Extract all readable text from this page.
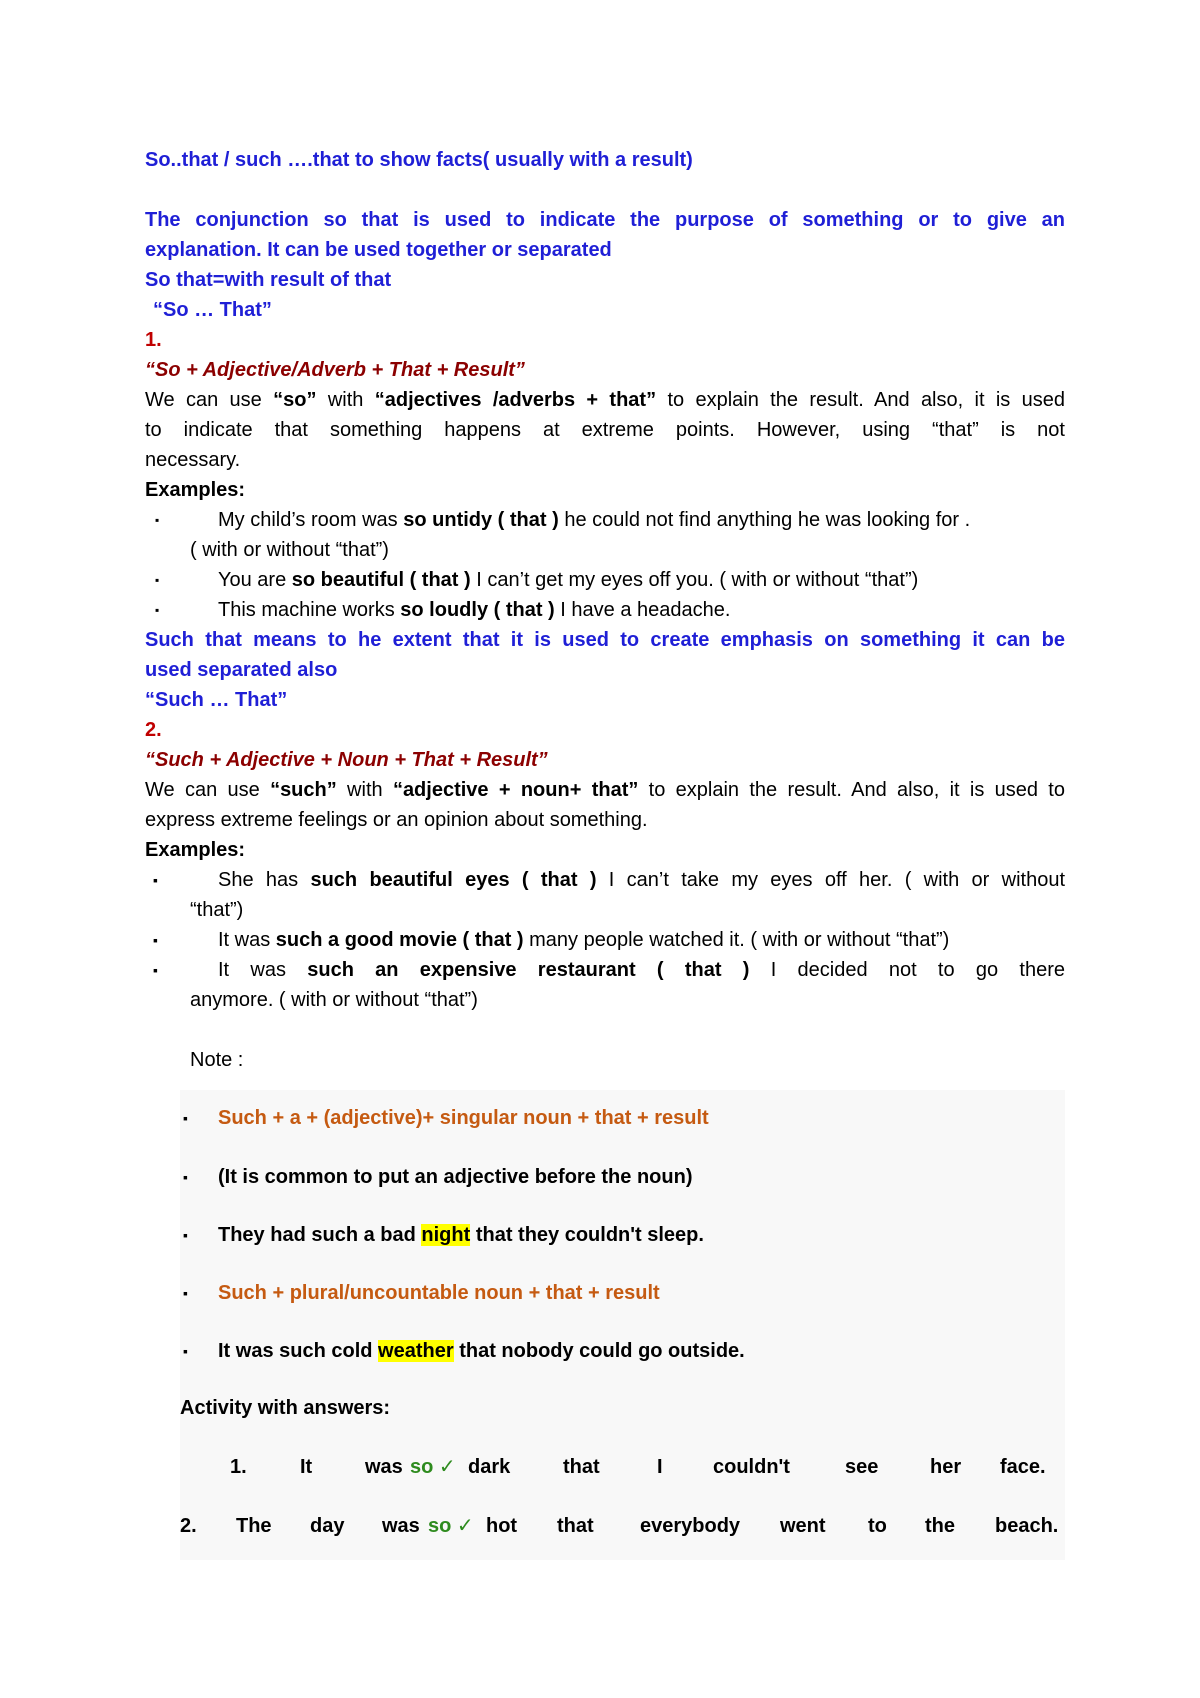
So..that / such ….that to show facts( usually with a result)
The conjunction so that is used to indicate the purpose of something or to give an
explanation. It can be used together or separated
So that=with result of that
“So … That”
1.
“So + Adjective/Adverb + That + Result”
We can use “so” with “adjectives /adverbs + that” to explain the result. And also, it is used
to indicate that something happens at extreme points. However, using “that” is not
necessary.
Examples:
▪	My child’s room was so untidy ( that ) he could not find anything he was looking for .
( with or without “that”)
▪	You are so beautiful ( that ) I can’t get my eyes off you. ( with or without “that”)
▪	This machine works so loudly ( that ) I have a headache.
Such that means to he extent that it is used to create emphasis on something it can be
used separated also
“Such … That”
2.
“Such + Adjective + Noun + That + Result”
We can use “such” with “adjective + noun+ that” to explain the result. And also, it is used to
express extreme feelings or an opinion about something.
Examples:
▪	She has such beautiful eyes ( that ) I can’t take my eyes off her. ( with or without
“that”)
▪	It was such a good movie ( that ) many people watched it. ( with or without “that”)
▪	It was such an expensive restaurant ( that ) I decided not to go there
anymore. ( with or without “that”)
Note :
▪ Such + a + (adjective)+ singular noun + that + result
▪ (It is common to put an adjective before the noun)
▪ They had such a bad night that they couldn't sleep.
▪ Such + plural/uncountable noun + that + result
▪ It was such cold weather that nobody could go outside.
Activity with answers:
1.	It	was so ✓ dark	that	I	couldn't	see	her face.
2. The day was so ✓ hot that everybody went to the beach.
